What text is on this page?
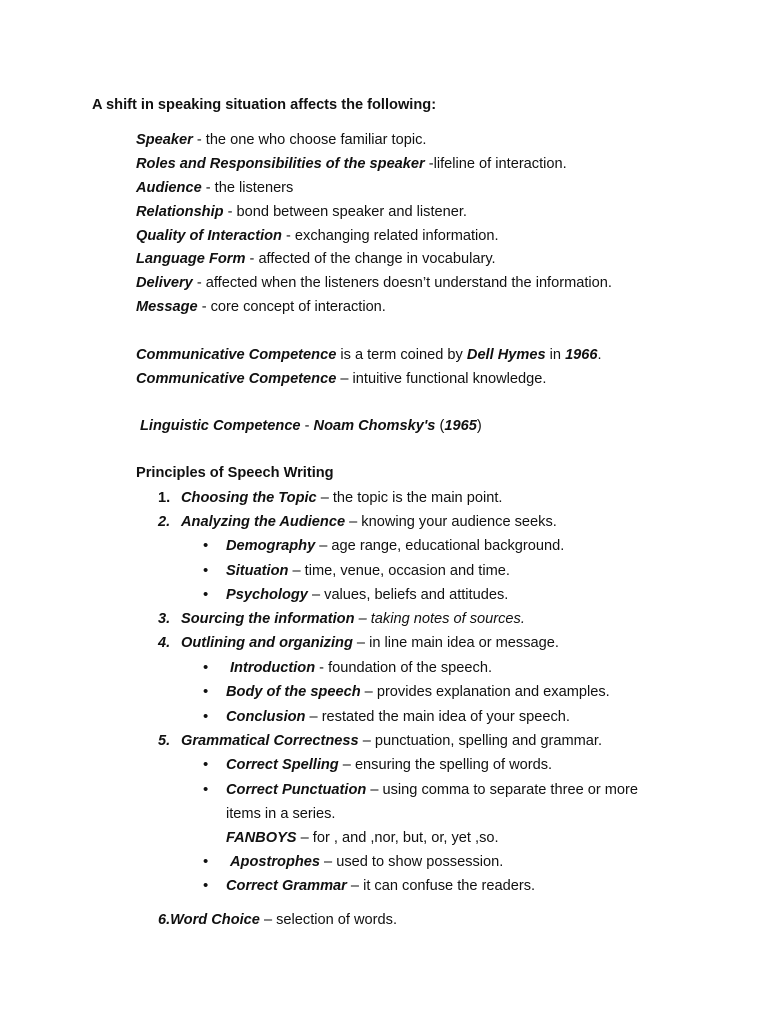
A shift in speaking situation affects the following:
Speaker - the one who choose familiar topic.
Roles and Responsibilities of the speaker -lifeline of interaction.
Audience - the listeners
Relationship - bond between speaker and listener.
Quality of Interaction - exchanging related information.
Language Form - affected of the change in vocabulary.
Delivery - affected when the listeners doesn’t understand the information.
Message - core concept of interaction.
Communicative Competence is a term coined by Dell Hymes in 1966.
Communicative Competence – intuitive functional knowledge.
Linguistic Competence - Noam Chomsky's (1965)
Principles of Speech Writing
1. Choosing the Topic – the topic is the main point.
2. Analyzing the Audience – knowing your audience seeks.
• Demography – age range, educational background.
• Situation – time, venue, occasion and time.
• Psychology – values, beliefs and attitudes.
3. Sourcing the information – taking notes of sources.
4. Outlining and organizing – in line main idea or message.
• Introduction - foundation of the speech.
• Body of the speech – provides explanation and examples.
• Conclusion – restated the main idea of your speech.
5. Grammatical Correctness – punctuation, spelling and grammar.
• Correct Spelling – ensuring the spelling of words.
• Correct Punctuation – using comma to separate three or more
items in a series.
FANBOYS – for , and ,nor, but, or, yet ,so.
• Apostrophes – used to show possession.
• Correct Grammar – it can confuse the readers.
6.Word Choice – selection of words.
